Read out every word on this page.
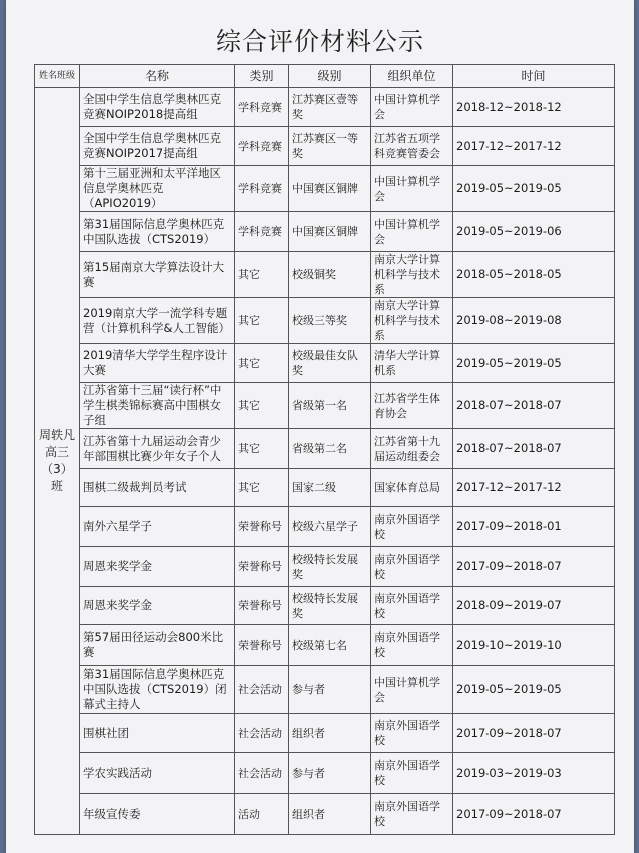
综合评价材料公示
姓名班级	名称	类别	级别	组织单位	时间

周轶凡
高三（3）班	全国中学生信息学奥林匹克竞赛NOIP2018提高组	学科竞赛	江苏赛区壹等奖	中国计算机学会	2018-12~2018-12
	全国中学生信息学奥林匹克竞赛NOIP2017提高组	学科竞赛	江苏赛区一等奖	江苏省五项学科竞赛管委会	2017-12~2017-12
	第十三届亚洲和太平洋地区信息学奥林匹克（APIO2019）	学科竞赛	中国赛区铜牌	中国计算机学会	2019-05~2019-05
	第31届国际信息学奥林匹克中国队选拔（CTS2019）	学科竞赛	中国赛区铜牌	中国计算机学会	2019-05~2019-06
	第15届南京大学算法设计大赛	其它	校级铜奖	南京大学计算机科学与技术系	2018-05~2018-05
	2019南京大学一流学科专题营（计算机科学&人工智能）	其它	校级三等奖	南京大学计算机科学与技术系	2019-08~2019-08
	2019清华大学学生程序设计大赛	其它	校级最佳女队奖	清华大学计算机系	2019-05~2019-05
	江苏省第十三届“读行杯”中学生棋类锦标赛高中围棋女子组	其它	省级第一名	江苏省学生体育协会	2018-07~2018-07
	江苏省第十九届运动会青少年部围棋比赛少年女子个人	其它	省级第二名	江苏省第十九届运动组委会	2018-07~2018-07
	围棋二级裁判员考试	其它	国家二级	国家体育总局	2017-12~2017-12
	南外六星学子	荣誉称号	校级六星学子	南京外国语学校	2017-09~2018-01
	周恩来奖学金	荣誉称号	校级特长发展奖	南京外国语学校	2017-09~2018-07
	周恩来奖学金	荣誉称号	校级特长发展奖	南京外国语学校	2018-09~2019-07
	第57届田径运动会800米比赛	荣誉称号	校级第七名	南京外国语学校	2019-10~2019-10
	第31届国际信息学奥林匹克中国队选拔（CTS2019）闭幕式主持人	社会活动	参与者	中国计算机学会	2019-05~2019-05
	围棋社团	社会活动	组织者	南京外国语学校	2017-09~2018-07
	学农实践活动	社会活动	参与者	南京外国语学校	2019-03~2019-03
	年级宣传委	活动	组织者	南京外国语学校	2017-09~2018-07
